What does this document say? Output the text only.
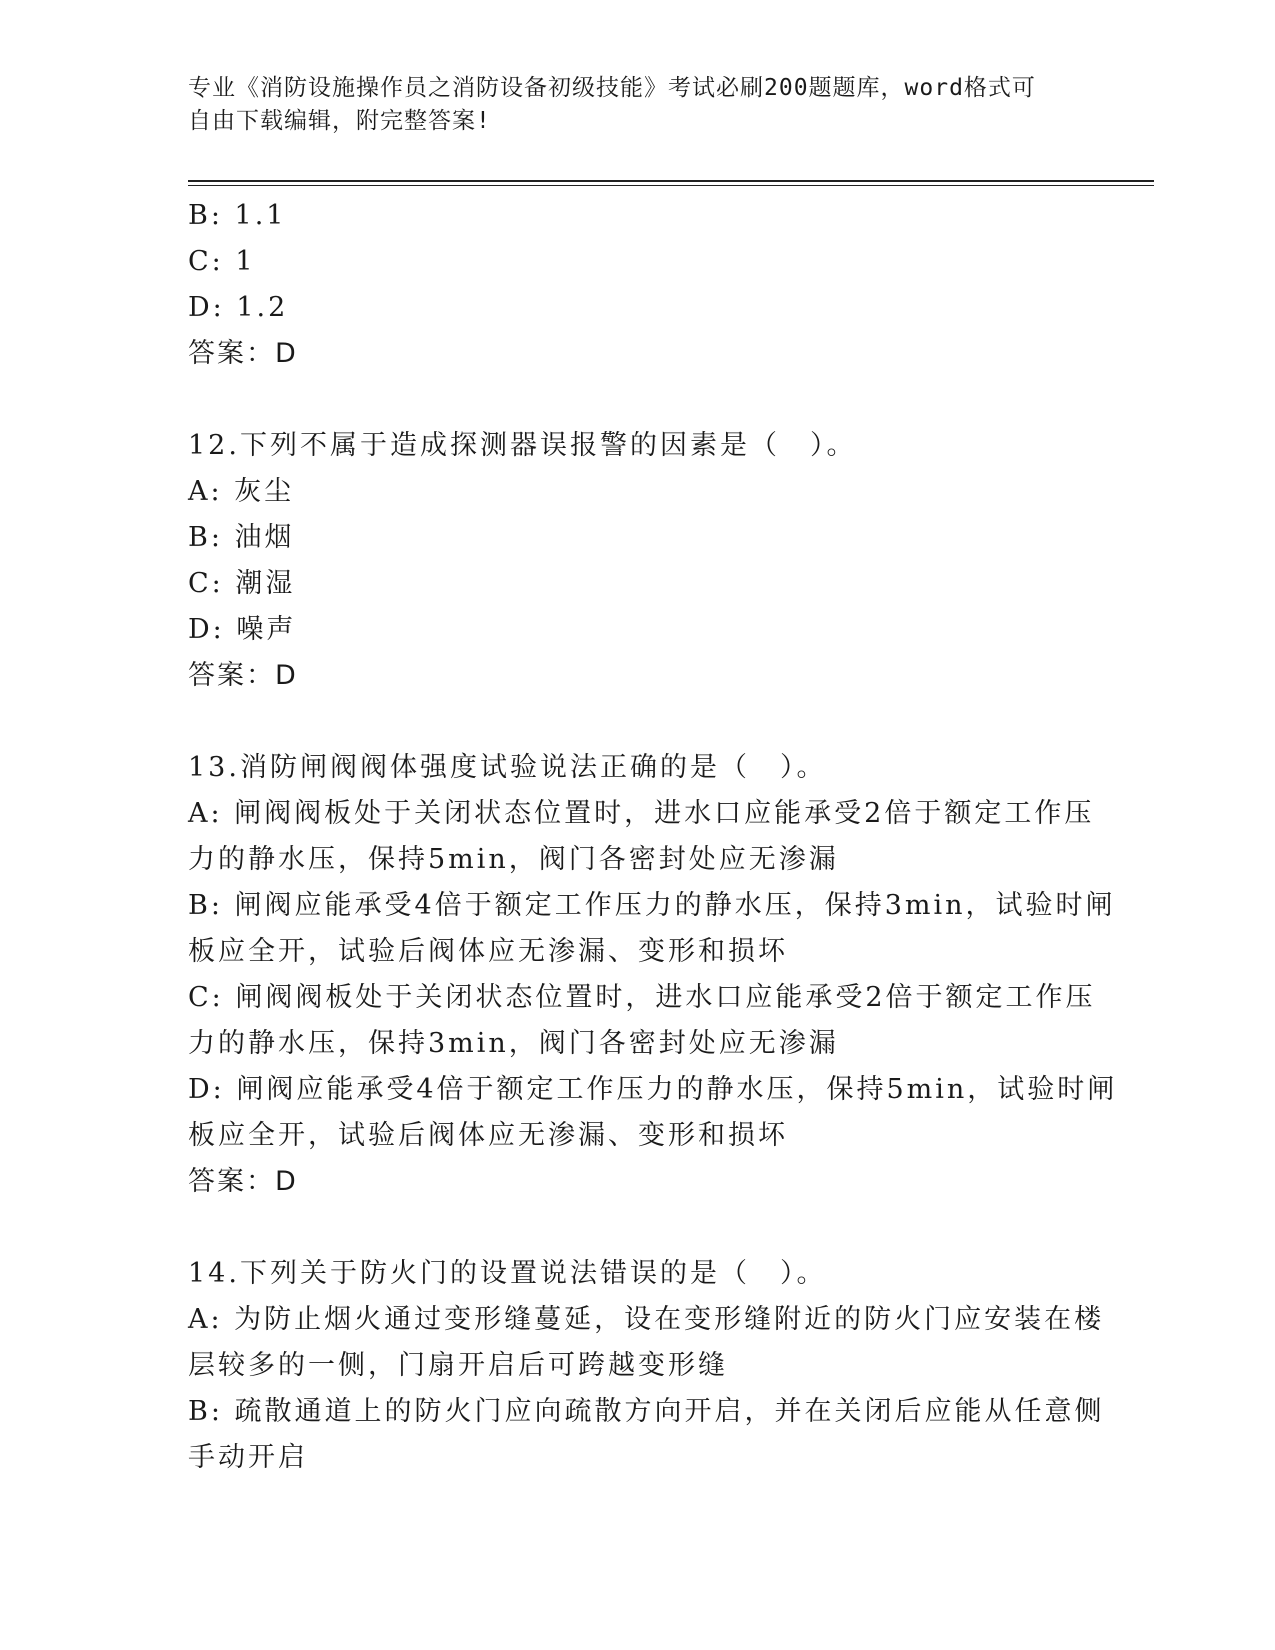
专业《消防设施操作员之消防设备初级技能》考试必刷200题题库，word格式可
自由下载编辑，附完整答案!
B: 1.1
C: 1
D: 1.2
答案：D
12.下列不属于造成探测器误报警的因素是（　）。
A: 灰尘
B: 油烟
C: 潮湿
D: 噪声
答案：D
13.消防闸阀阀体强度试验说法正确的是（　）。
A: 闸阀阀板处于关闭状态位置时，进水口应能承受2倍于额定工作压
力的静水压，保持5min，阀门各密封处应无渗漏
B: 闸阀应能承受4倍于额定工作压力的静水压，保持3min，试验时闸
板应全开，试验后阀体应无渗漏、变形和损坏
C: 闸阀阀板处于关闭状态位置时，进水口应能承受2倍于额定工作压
力的静水压，保持3min，阀门各密封处应无渗漏
D: 闸阀应能承受4倍于额定工作压力的静水压，保持5min，试验时闸
板应全开，试验后阀体应无渗漏、变形和损坏
答案：D
14.下列关于防火门的设置说法错误的是（　）。
A: 为防止烟火通过变形缝蔓延，设在变形缝附近的防火门应安装在楼
层较多的一侧，门扇开启后可跨越变形缝
B: 疏散通道上的防火门应向疏散方向开启，并在关闭后应能从任意侧
手动开启
